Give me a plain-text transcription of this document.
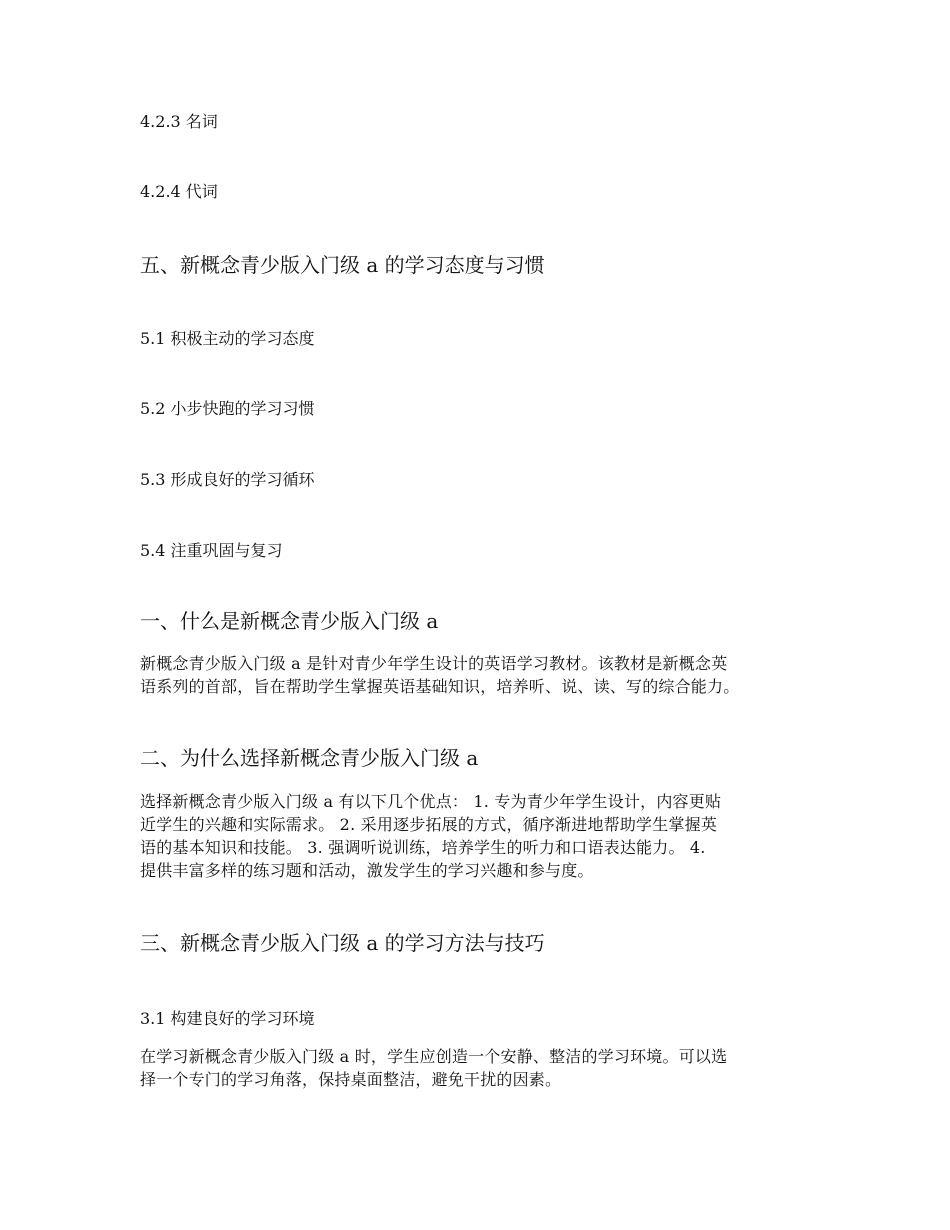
4.2.3 名词

4.2.4 代词

五、新概念青少版入门级 a 的学习态度与习惯

5.1 积极主动的学习态度

5.2 小步快跑的学习习惯

5.3 形成良好的学习循环

5.4 注重巩固与复习

一、什么是新概念青少版入门级 a
新概念青少版入门级 a 是针对青少年学生设计的英语学习教材。该教材是新概念英
语系列的首部，旨在帮助学生掌握英语基础知识，培养听、说、读、写的综合能力。
二、为什么选择新概念青少版入门级 a
选择新概念青少版入门级 a 有以下几个优点： 1. 专为青少年学生设计，内容更贴
近学生的兴趣和实际需求。 2. 采用逐步拓展的方式，循序渐进地帮助学生掌握英
语的基本知识和技能。 3. 强调听说训练，培养学生的听力和口语表达能力。 4.
提供丰富多样的练习题和活动，激发学生的学习兴趣和参与度。
三、新概念青少版入门级 a 的学习方法与技巧

3.1 构建良好的学习环境

在学习新概念青少版入门级 a 时，学生应创造一个安静、整洁的学习环境。可以选
择一个专门的学习角落，保持桌面整洁，避免干扰的因素。
